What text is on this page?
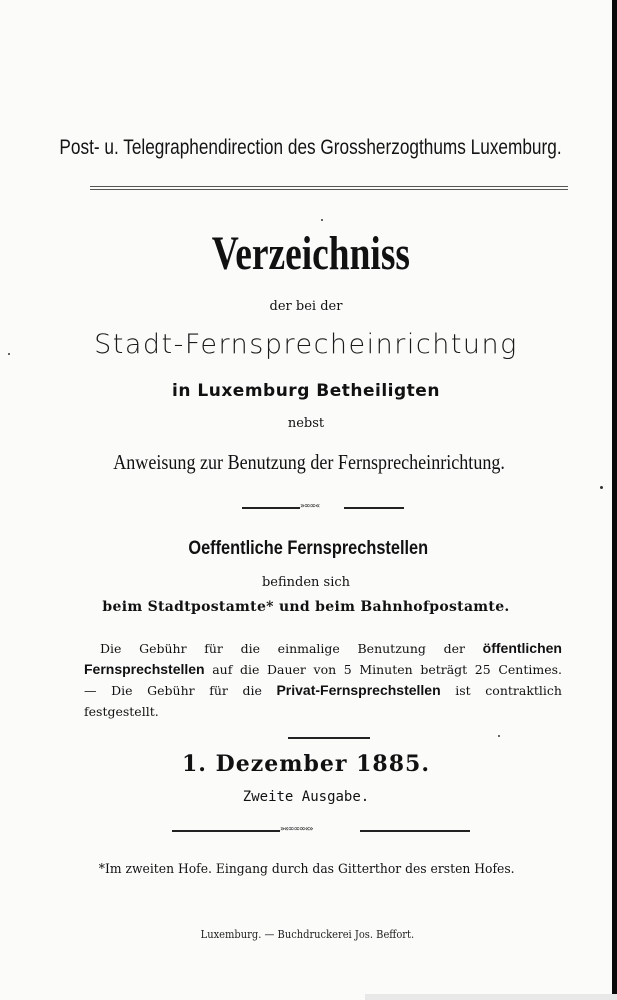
Post- u. Telegraphendirection des Grossherzogthums Luxemburg.
Verzeichniss
der bei der
Stadt-Fernsprecheinrichtung
in Luxemburg Betheiligten
nebst
Anweisung zur Benutzung der Fernsprecheinrichtung.
»∞∞«
Oeffentliche Fernsprechstellen
befinden sich
beim Stadtpostamte* und beim Bahnhofpostamte.
Die Gebühr für die einmalige Benutzung der öffentlichen
Fernsprechstellen auf die Dauer von 5 Minuten beträgt 25 Centimes.
— Die Gebühr für die Privat-Fernsprechstellen ist contraktlich
festgestellt.
1. Dezember 1885.
Zweite Ausgabe.
»«∞∞∞«»
*Im zweiten Hofe. Eingang durch das Gitterthor des ersten Hofes.
Luxemburg. — Buchdruckerei Jos. Beffort.
